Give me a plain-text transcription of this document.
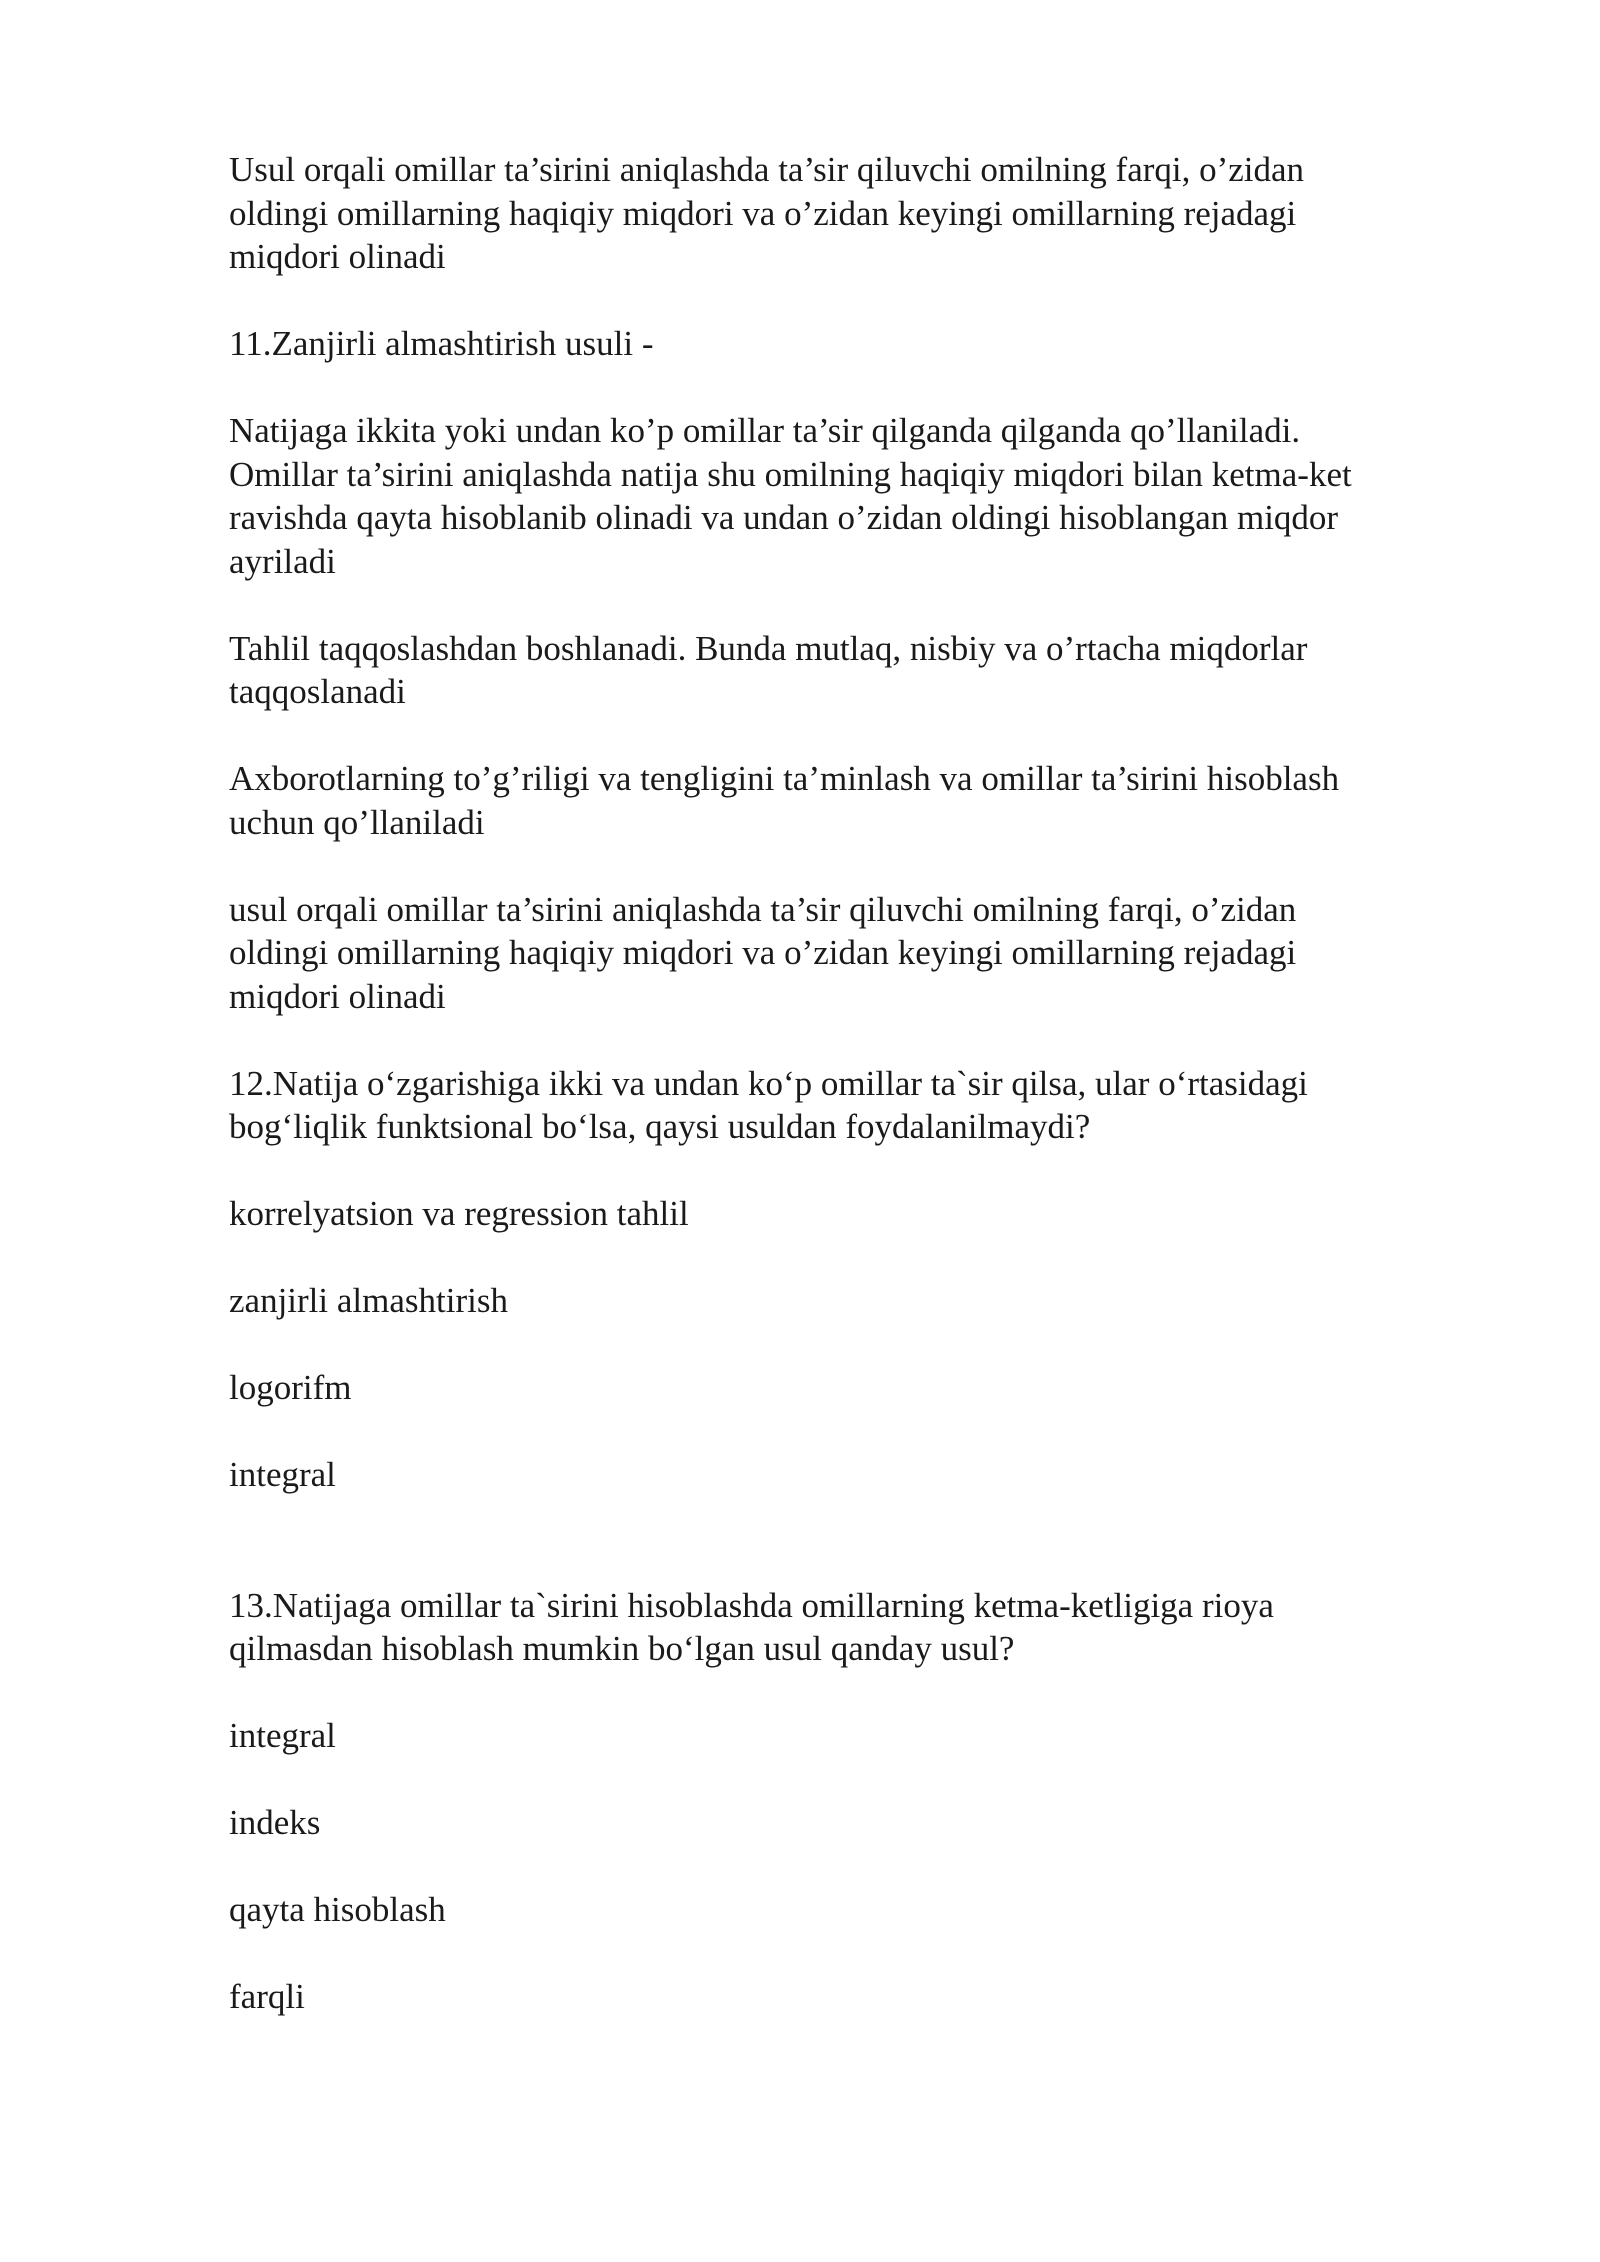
Usul orqali omillar ta’sirini aniqlashda ta’sir qiluvchi omilning farqi, o’zidan
oldingi omillarning haqiqiy miqdori va o’zidan keyingi omillarning rejadagi
miqdori olinadi

11.Zanjirli almashtirish usuli -

Natijaga ikkita yoki undan ko’p omillar ta’sir qilganda qilganda qo’llaniladi.
Omillar ta’sirini aniqlashda natija shu omilning haqiqiy miqdori bilan ketma-ket
ravishda qayta hisoblanib olinadi va undan o’zidan oldingi hisoblangan miqdor
ayriladi

Tahlil taqqoslashdan boshlanadi. Bunda mutlaq, nisbiy va o’rtacha miqdorlar
taqqoslanadi

Axborotlarning to’g’riligi va tengligini ta’minlash va omillar ta’sirini hisoblash
uchun qo’llaniladi

usul orqali omillar ta’sirini aniqlashda ta’sir qiluvchi omilning farqi, o’zidan
oldingi omillarning haqiqiy miqdori va o’zidan keyingi omillarning rejadagi
miqdori olinadi

12.Natija o‘zgarishiga ikki va undan ko‘p omillar ta`sir qilsa, ular o‘rtasidagi
bog‘liqlik funktsional bo‘lsa, qaysi usuldan foydalanilmaydi?

korrelyatsion va regression tahlil

zanjirli almashtirish

logorifm

integral

13.Natijaga omillar ta`sirini hisoblashda omillarning ketma-ketligiga rioya
qilmasdan hisoblash mumkin bo‘lgan usul qanday usul?

integral

indeks

qayta hisoblash

farqli
